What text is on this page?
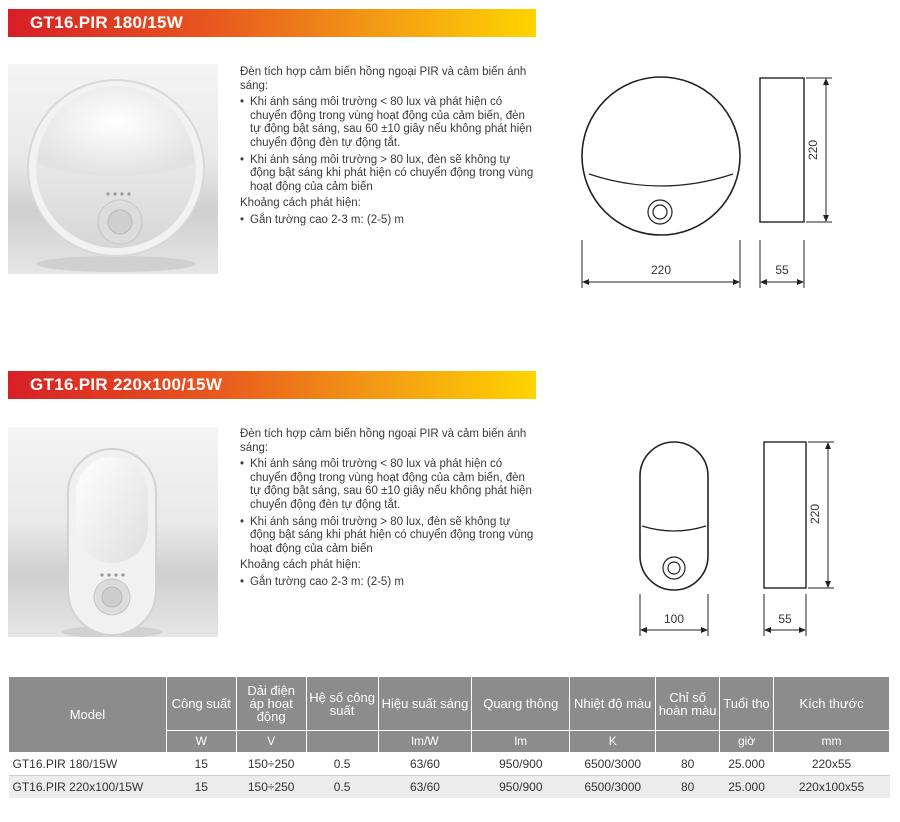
GT16.PIR 180/15W

Đèn tích hợp cảm biến hồng ngoại PIR và cảm biến ánh sáng:

• Khi ánh sáng môi trường < 80 lux và phát hiện có chuyển động trong vùng hoạt động của cảm biến, đèn tự động bật sáng, sau 60 ±10 giây nếu không phát hiện chuyển động đèn tự động tắt.
• Khi ánh sáng môi trường > 80 lux, đèn sẽ không tự động bật sáng khi phát hiện có chuyển động trong vùng hoạt động của cảm biến

Khoảng cách phát hiện:

• Gắn tường cao 2-3 m: (2-5) m
220
220
55
GT16.PIR 220x100/15W

Đèn tích hợp cảm biến hồng ngoại PIR và cảm biến ánh sáng:

• Khi ánh sáng môi trường < 80 lux và phát hiện có chuyển động trong vùng hoạt động của cảm biến, đèn tự động bật sáng, sau 60 ±10 giây nếu không phát hiện chuyển động đèn tự động tắt.
• Khi ánh sáng môi trường > 80 lux, đèn sẽ không tự động bật sáng khi phát hiện có chuyển động trong vùng hoạt động của cảm biến

Khoảng cách phát hiện:

• Gắn tường cao 2-3 m: (2-5) m
100
220
55
Model	Công suất	Dải điện áp hoạt động	Hệ số công suất	Hiệu suất sáng	Quang thông	Nhiệt độ màu	Chỉ số hoàn màu	Tuổi thọ	Kích thước
	W	V		lm/W	lm	K		giờ	mm
GT16.PIR 180/15W	15	150÷250	0.5	63/60	950/900	6500/3000	80	25.000	220x55
GT16.PIR 220x100/15W	15	150÷250	0.5	63/60	950/900	6500/3000	80	25.000	220x100x55
